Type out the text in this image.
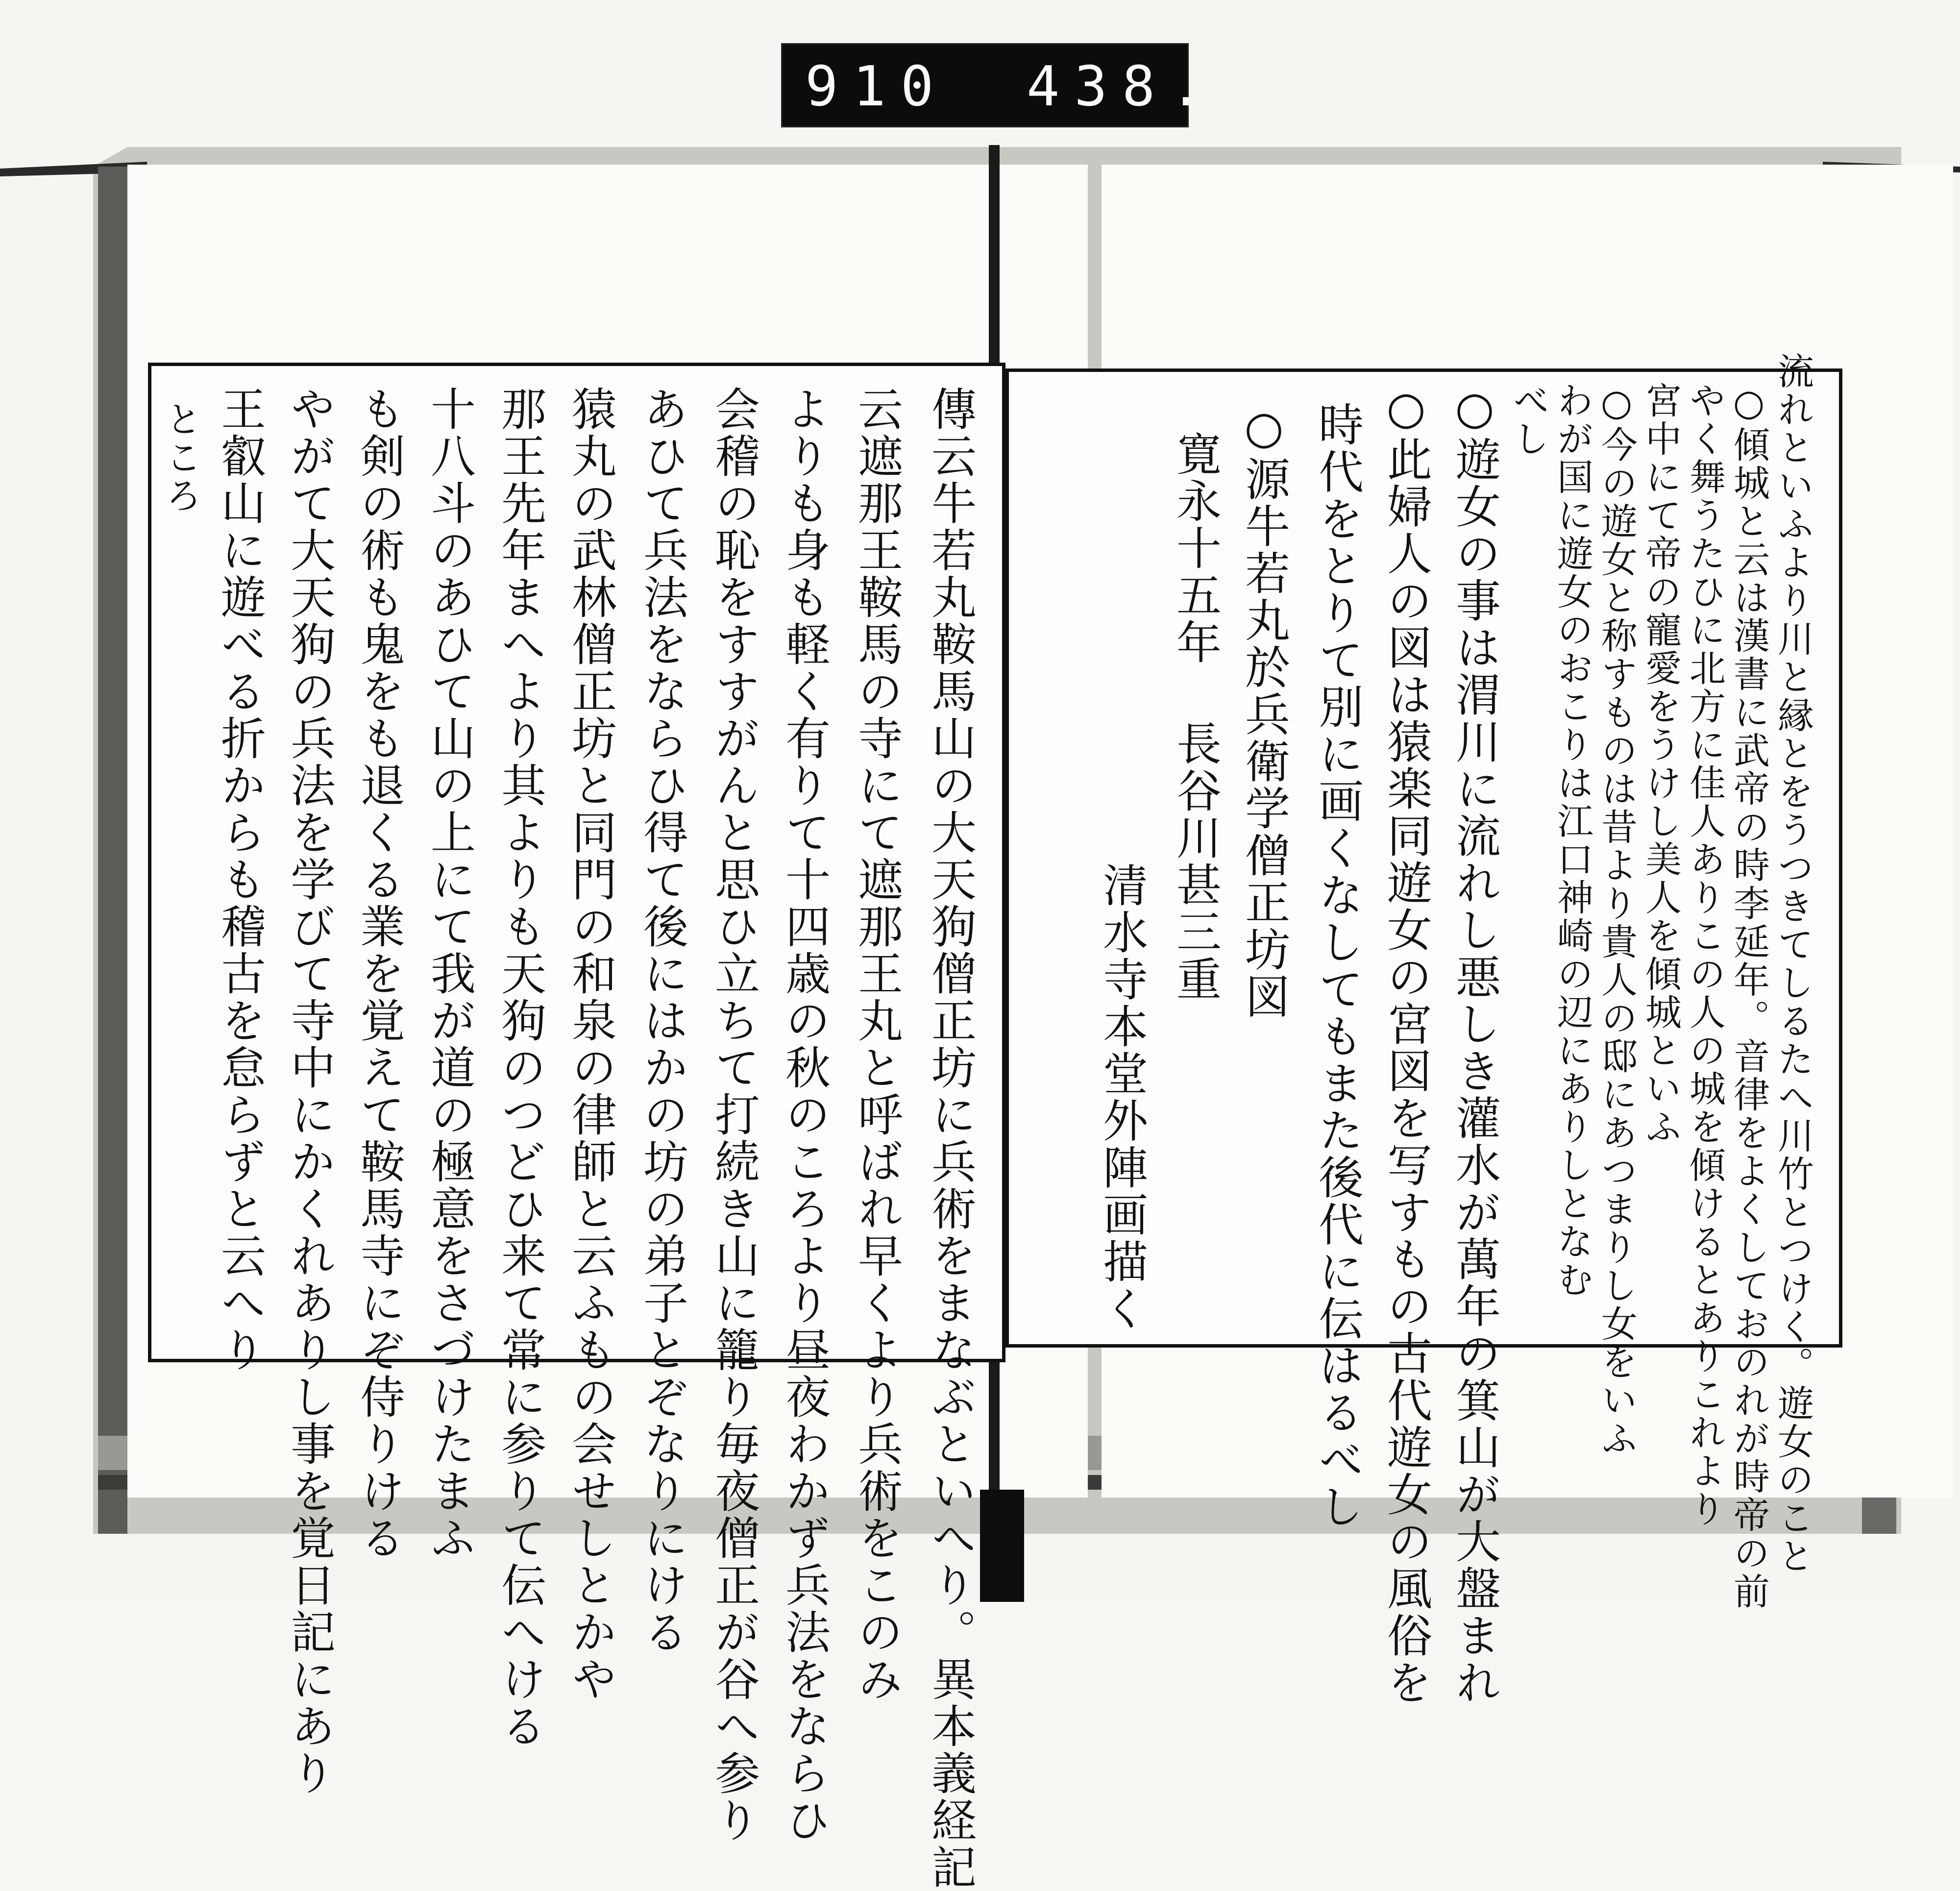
910 438.
傳云牛若丸鞍馬山の大天狗僧正坊に兵術をまなぶといへり。異本義経記
云遮那王鞍馬の寺にて遮那王丸と呼ばれ早くより兵術をこのみ
よりも身も軽く有りて十四歳の秋のころより昼夜わかず兵法をならひ
会稽の恥をすすがんと思ひ立ちて打続き山に籠り毎夜僧正が谷へ参り
あひて兵法をならひ得て後にはかの坊の弟子とぞなりにける
猿丸の武林僧正坊と同門の和泉の律師と云ふもの会せしとかや
那王先年まへより其よりも天狗のつどひ来て常に参りて伝へける
十八斗のあひて山の上にて我が道の極意をさづけたまふ
も剣の術も鬼をも退くる業を覚えて鞍馬寺にぞ侍りける
やがて大天狗の兵法を学びて寺中にかくれありし事を覚日記にあり
王叡山に遊べる折からも稽古を怠らずと云へり
ところ	流れといふより川と縁とをうつきてしるたへ川竹とつけく。遊女のこと
○傾城と云は漢書に武帝の時李延年。音律をよくしておのれが時帝の前
やく舞うたひに北方に佳人ありこの人の城を傾けるとありこれより
宮中にて帝の寵愛をうけし美人を傾城といふ
○今の遊女と称すものは昔より貴人の邸にあつまりし女をいふ
わが国に遊女のおこりは江口神崎の辺にありしとなむ
べし
○遊女の事は渭川に流れし悪しき灌水が萬年の箕山が大盤まれ
○此婦人の図は猿楽同遊女の宮図を写すもの古代遊女の風俗を
時代をとりて別に画くなしてもまた後代に伝はるべし
○源牛若丸於兵衛学僧正坊図
寛永十五年 長谷川甚三重
清水寺本堂外陣画描く
